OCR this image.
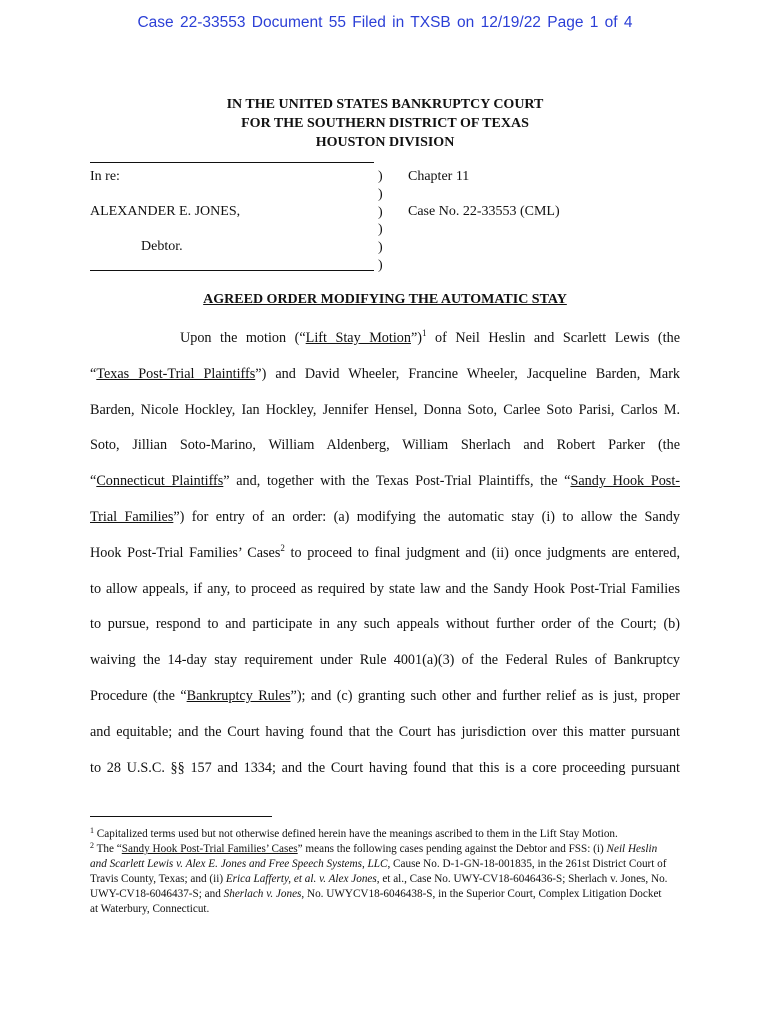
Case 22-33553 Document 55 Filed in TXSB on 12/19/22 Page 1 of 4
IN THE UNITED STATES BANKRUPTCY COURT
FOR THE SOUTHERN DISTRICT OF TEXAS
HOUSTON DIVISION
In re:
ALEXANDER E. JONES,
Debtor.
)
)
)
)
)
)
Chapter 11
Case No. 22-33553 (CML)
AGREED ORDER MODIFYING THE AUTOMATIC STAY

Upon the motion (“Lift Stay Motion”)$^1$ of Neil Heslin and Scarlett Lewis (the

“Texas Post-Trial Plaintiffs”) and David Wheeler, Francine Wheeler, Jacqueline Barden, Mark

Barden, Nicole Hockley, Ian Hockley, Jennifer Hensel, Donna Soto, Carlee Soto Parisi, Carlos M.

Soto, Jillian Soto-Marino, William Aldenberg, William Sherlach and Robert Parker (the

“Connecticut Plaintiffs” and, together with the Texas Post-Trial Plaintiffs, the “Sandy Hook Post-

Trial Families”) for entry of an order: (a) modifying the automatic stay (i) to allow the Sandy

Hook Post-Trial Families’ Cases$^2$ to proceed to final judgment and (ii) once judgments are entered,

to allow appeals, if any, to proceed as required by state law and the Sandy Hook Post-Trial Families

to pursue, respond to and participate in any such appeals without further order of the Court; (b)

waiving the 14-day stay requirement under Rule 4001(a)(3) of the Federal Rules of Bankruptcy

Procedure (the “Bankruptcy Rules”); and (c) granting such other and further relief as is just, proper

and equitable; and the Court having found that the Court has jurisdiction over this matter pursuant

to 28 U.S.C. §§ 157 and 1334; and the Court having found that this is a core proceeding pursuant

$^1$ Capitalized terms used but not otherwise defined herein have the meanings ascribed to them in the Lift Stay Motion.

$^2$ The “Sandy Hook Post-Trial Families’ Cases” means the following cases pending against the Debtor and FSS: (i) Neil Heslin and Scarlett Lewis v. Alex E. Jones and Free Speech Systems, LLC, Cause No. D-1-GN-18-001835, in the 261st District Court of Travis County, Texas; and (ii) Erica Lafferty, et al. v. Alex Jones, et al., Case No. UWY-CV18-6046436-S; Sherlach v. Jones, No. UWY-CV18-6046437-S; and Sherlach v. Jones, No. UWYCV18-6046438-S, in the Superior Court, Complex Litigation Docket at Waterbury, Connecticut.
